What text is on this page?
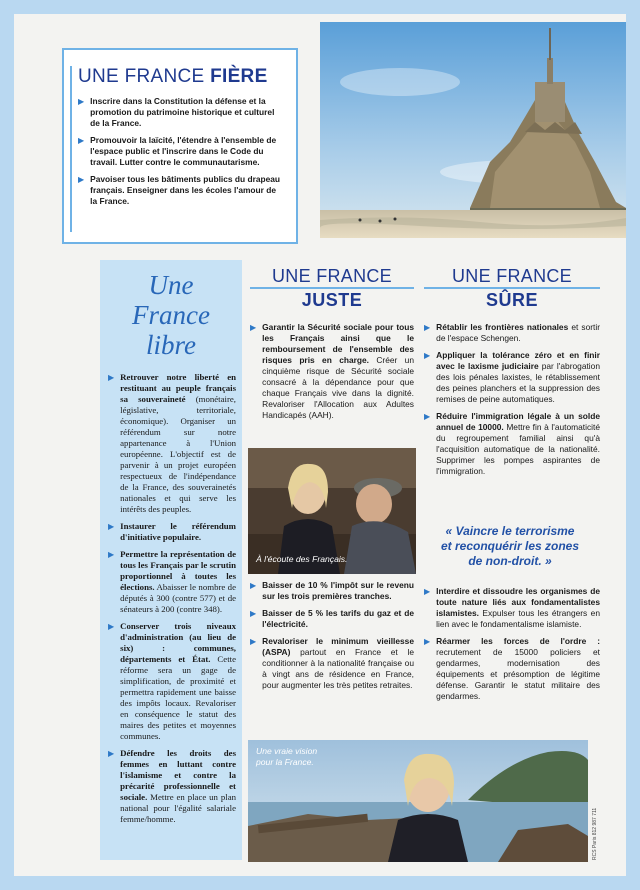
UNE FRANCE FIÈRE
▶ Inscrire dans la Constitution la défense et la promotion du patrimoine historique et culturel de la France.
▶ Promouvoir la laïcité, l'étendre à l'ensemble de l'espace public et l'inscrire dans le Code du travail. Lutter contre le communautarisme.
▶ Pavoiser tous les bâtiments publics du drapeau français. Enseigner dans les écoles l'amour de la France.
Une
France
libre
▶ Retrouver notre liberté en restituant au peuple français sa souveraineté (monétaire, législative, territoriale, économique). Organiser un référendum sur notre appartenance à l'Union européenne. L'objectif est de parvenir à un projet européen respectueux de l'indépendance de la France, des souverainetés nationales et qui serve les intérêts des peuples.
▶ Instaurer le référendum d'initiative populaire.
▶ Permettre la représentation de tous les Français par le scrutin proportionnel à toutes les élections. Abaisser le nombre de députés à 300 (contre 577) et de sénateurs à 200 (contre 348).
▶ Conserver trois niveaux d'administration (au lieu de six) : communes, départements et État. Cette réforme sera un gage de simplification, de proximité et permettra rapidement une baisse des impôts locaux. Revaloriser en conséquence le statut des maires des petites et moyennes communes.
▶ Défendre les droits des femmes en luttant contre l'islamisme et contre la précarité professionnelle et sociale. Mettre en place un plan national pour l'égalité salariale femme/homme.
UNE FRANCE
JUSTE
UNE FRANCE
SÛRE
▶ Garantir la Sécurité sociale pour tous les Français ainsi que le remboursement de l'ensemble des risques pris en charge. Créer un cinquième risque de Sécurité sociale consacré à la dépendance pour que chaque Français vive dans la dignité. Revaloriser l'Allocation aux Adultes Handicapés (AAH).
À l'écoute des Français.
▶ Baisser de 10 % l'impôt sur le revenu sur les trois premières tranches.
▶ Baisser de 5 % les tarifs du gaz et de l'électricité.
▶ Revaloriser le minimum vieillesse (ASPA) partout en France et le conditionner à la nationalité française ou à vingt ans de résidence en France, pour augmenter les très petites retraites.
▶ Rétablir les frontières nationales et sortir de l'espace Schengen.
▶ Appliquer la tolérance zéro et en finir avec le laxisme judiciaire par l'abrogation des lois pénales laxistes, le rétablissement des peines planchers et la suppression des remises de peine automatiques.
▶ Réduire l'immigration légale à un solde annuel de 10000. Mettre fin à l'automaticité du regroupement familial ainsi qu'à l'acquisition automatique de la nationalité. Supprimer les pompes aspirantes de l'immigration.
« Vaincre le terrorisme
et reconquérir les zones
de non-droit. »
▶ Interdire et dissoudre les organismes de toute nature liés aux fondamentalistes islamistes. Expulser tous les étrangers en lien avec le fondamentalisme islamiste.
▶ Réarmer les forces de l'ordre : recrutement de 15000 policiers et gendarmes, modernisation des équipements et présomption de légitime défense. Garantir le statut militaire des gendarmes.
Une vraie vision
pour la France.
RCS Paris 812 987 711
